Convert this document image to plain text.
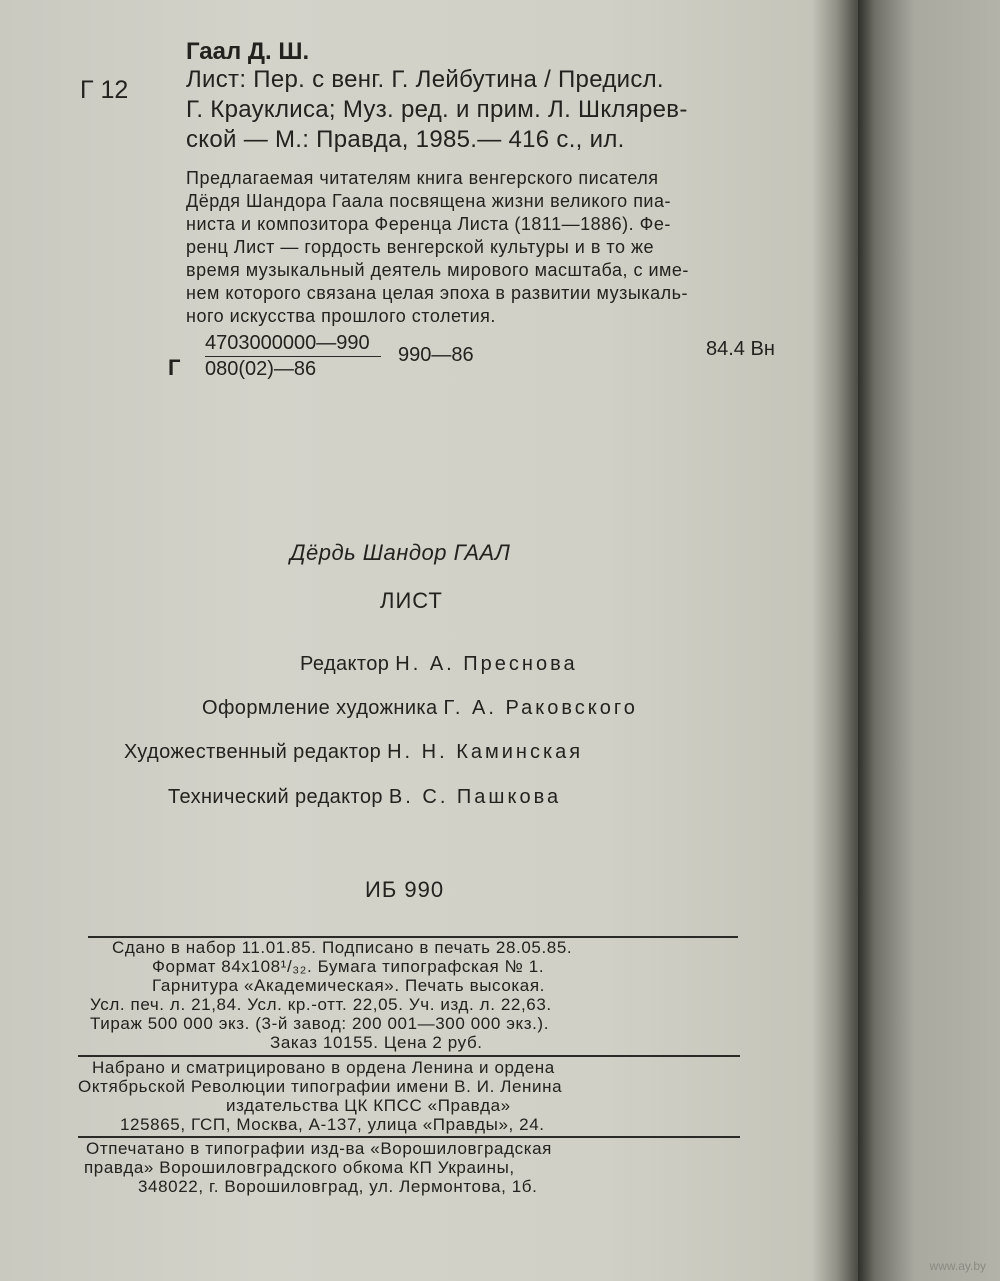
Г 12
Гаал Д. Ш.
Лист: Пер. с венг. Г. Лейбутина / Предисл.
Г. Крауклиса; Муз. ред. и прим. Л. Шклярев-
ской — М.: Правда, 1985.— 416 с., ил.
Предлагаемая читателям книга венгерского писателя
Дёрдя Шандора Гаала посвящена жизни великого пиа-
ниста и композитора Ференца Листа (1811—1886). Фе-
ренц Лист — гордость венгерской культуры и в то же
время музыкальный деятель мирового масштаба, с име-
нем которого связана целая эпоха в развитии музыкаль-
ного искусства прошлого столетия.
Г
4703000000—990
080(02)—86
990—86	84.4 Вн
Дёрдь Шандор ГААЛ
ЛИСТ
Редактор Н. А. Преснова
Оформление художника Г. А. Раковского
Художественный редактор Н. Н. Каминская
Технический редактор В. С. Пашкова
ИБ 990
Сдано в набор 11.01.85. Подписано в печать 28.05.85.
Формат 84х108¹/₃₂. Бумага типографская № 1.
Гарнитура «Академическая». Печать высокая.
Усл. печ. л. 21,84. Усл. кр.-отт. 22,05. Уч. изд. л. 22,63.
Тираж 500 000 экз. (3-й завод: 200 001—300 000 экз.).
Заказ 10155. Цена 2 руб.
Набрано и сматрицировано в ордена Ленина и ордена
Октябрьской Революции типографии имени В. И. Ленина
издательства ЦК КПСС «Правда»
125865, ГСП, Москва, А-137, улица «Правды», 24.
Отпечатано в типографии изд-ва «Ворошиловградская
правда» Ворошиловградского обкома КП Украины,
348022, г. Ворошиловград, ул. Лермонтова, 1б.
www.ay.by
